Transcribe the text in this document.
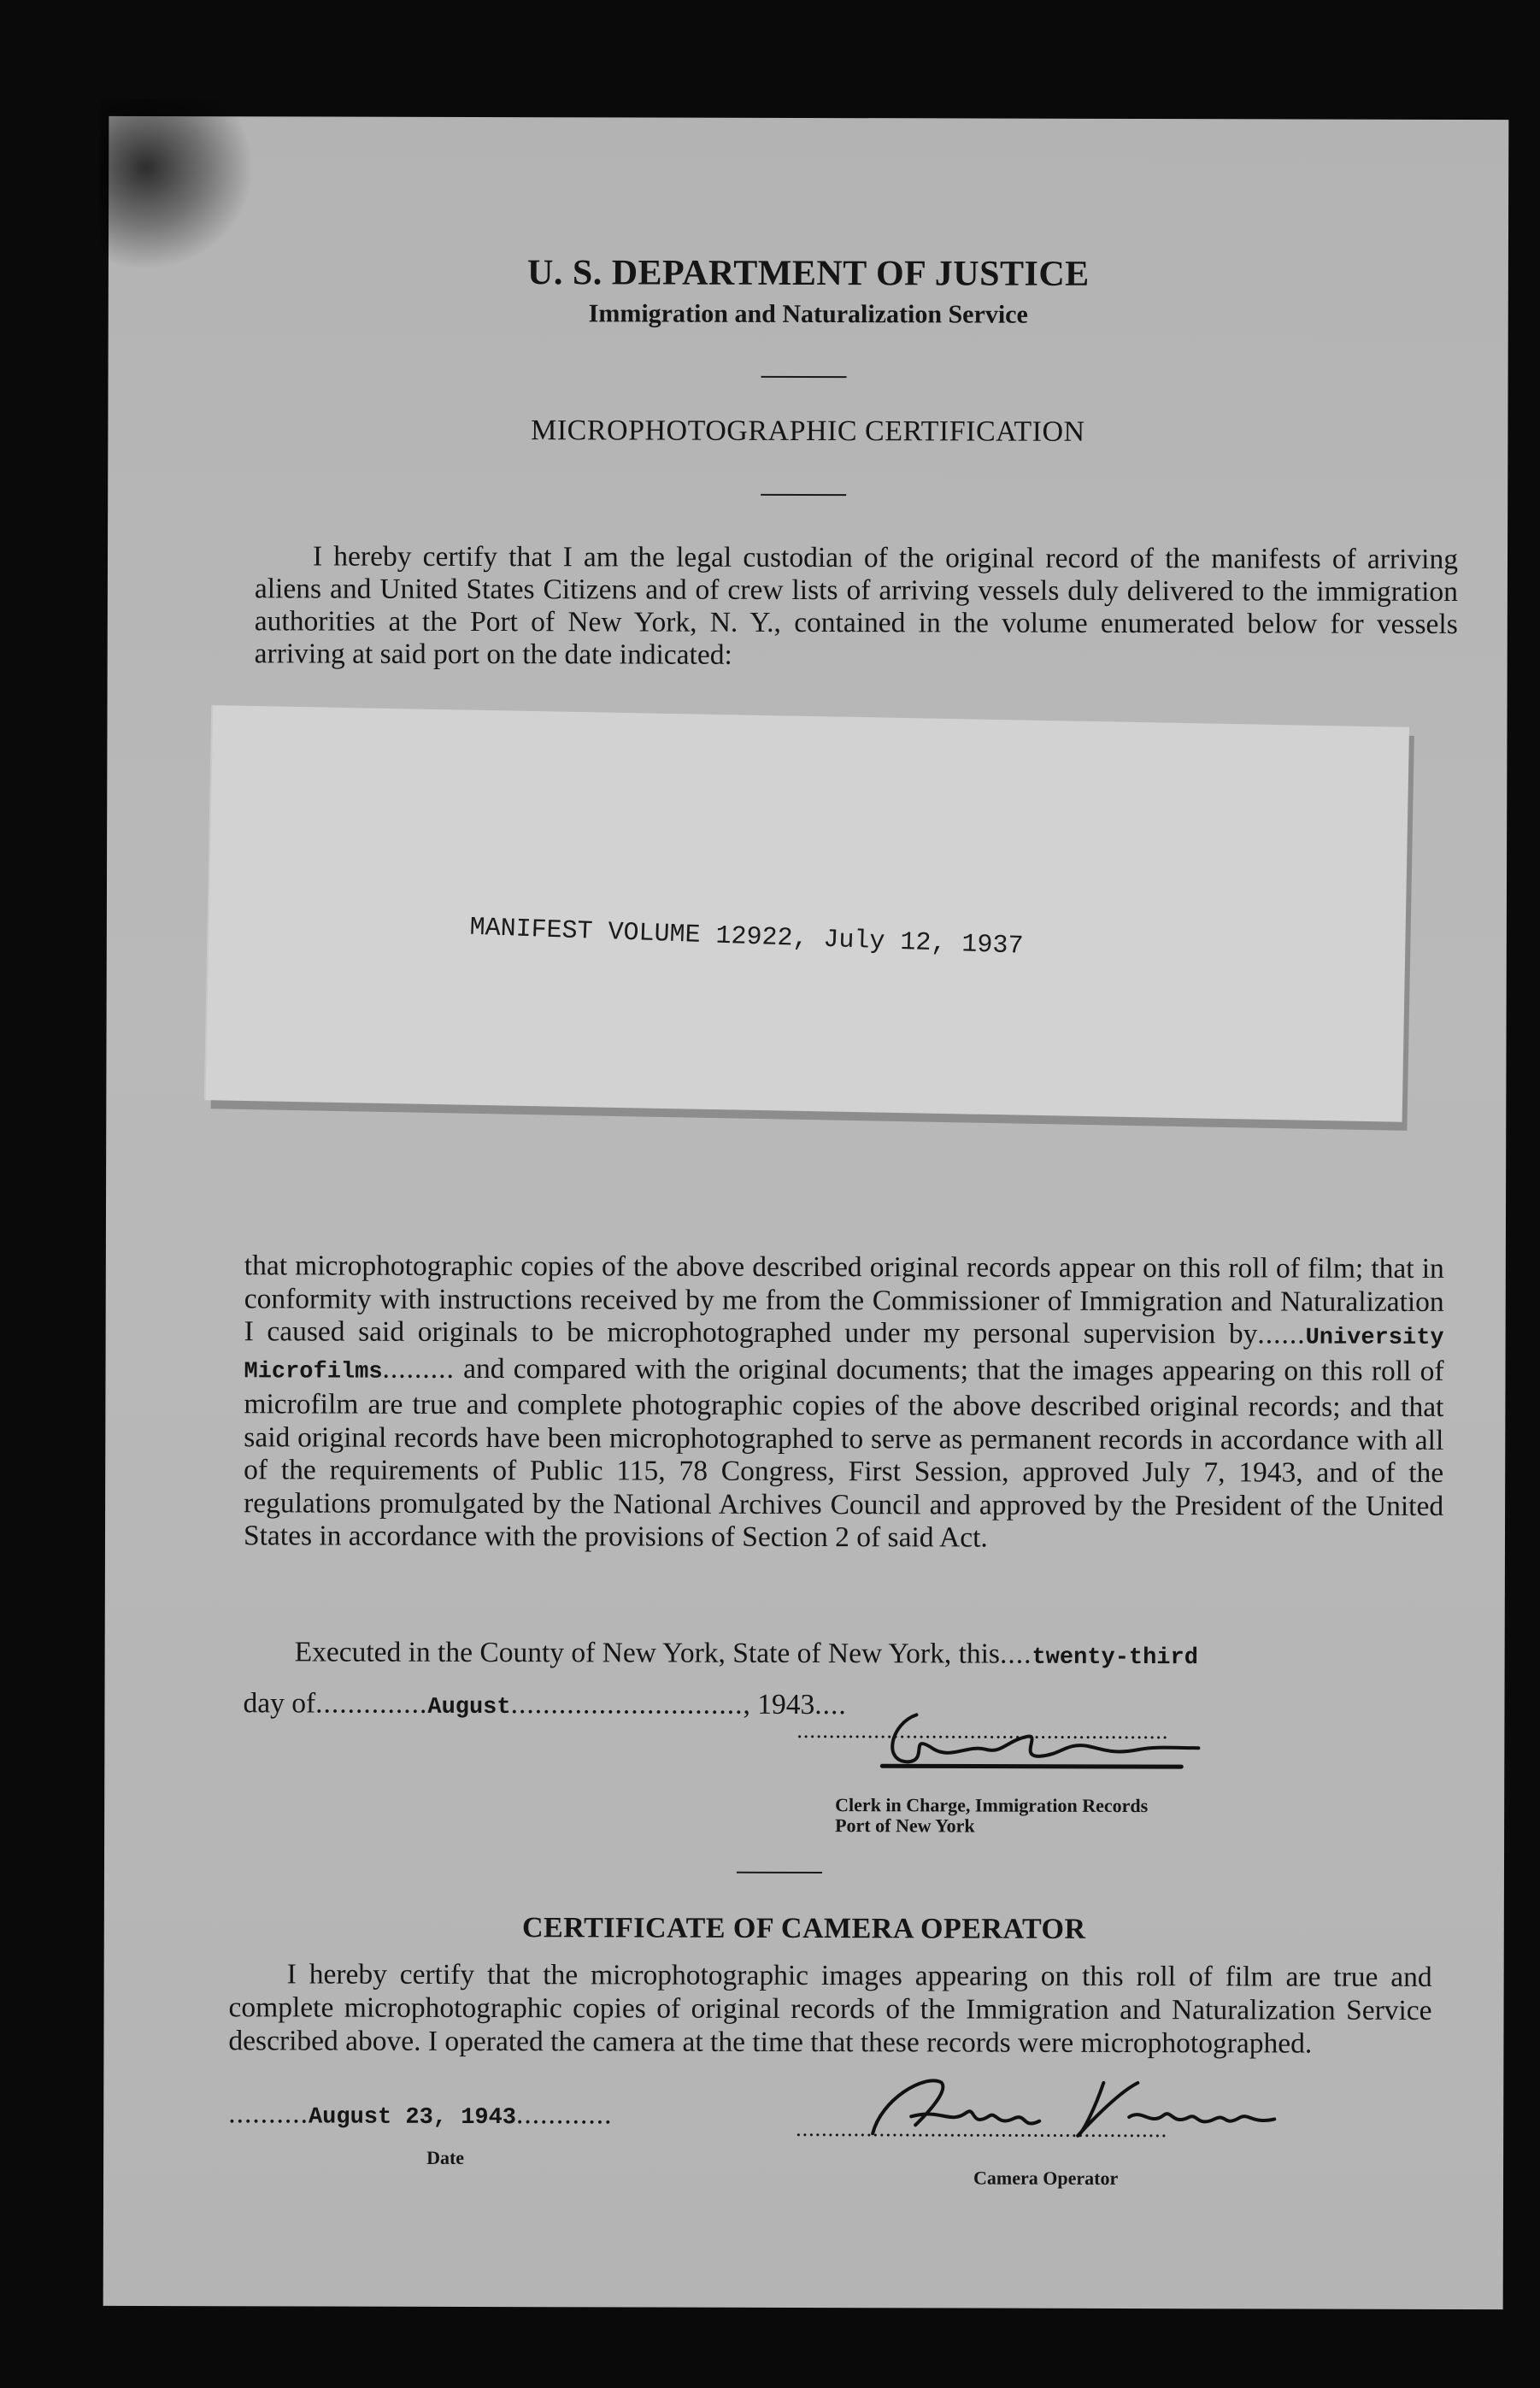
U. S. DEPARTMENT OF JUSTICE
Immigration and Naturalization Service
MICROPHOTOGRAPHIC CERTIFICATION
I hereby certify that I am the legal custodian of the original record of the manifests of arriving aliens and United States Citizens and of crew lists of arriving vessels duly delivered to the immigration authorities at the Port of New York, N. Y., contained in the volume enumerated below for vessels arriving at said port on the date indicated:
MANIFEST VOLUME 12922, July 12, 1937
that microphotographic copies of the above described original records appear on this roll of film; that in conformity with instructions received by me from the Commissioner of Immigration and Naturalization I caused said originals to be microphotographed under my personal supervision by......University Microfilms......... and compared with the original documents; that the images appearing on this roll of microfilm are true and complete photographic copies of the above described original records; and that said original records have been microphotographed to serve as permanent records in accordance with all of the requirements of Public 115, 78 Congress, First Session, approved July 7, 1943, and of the regulations promulgated by the National Archives Council and approved by the President of the United States in accordance with the provisions of Section 2 of said Act.
Executed in the County of New York, State of New York, this....twenty-third
day of..............August............................., 1943....
..........................................................
Clerk in Charge, Immigration Records
Port of New York
CERTIFICATE OF CAMERA OPERATOR
I hereby certify that the microphotographic images appearing on this roll of film are true and complete microphotographic copies of original records of the Immigration and Naturalization Service described above. I operated the camera at the time that these records were microphotographed.
..........August 23, 1943............
Date
..........................................................
Camera Operator
